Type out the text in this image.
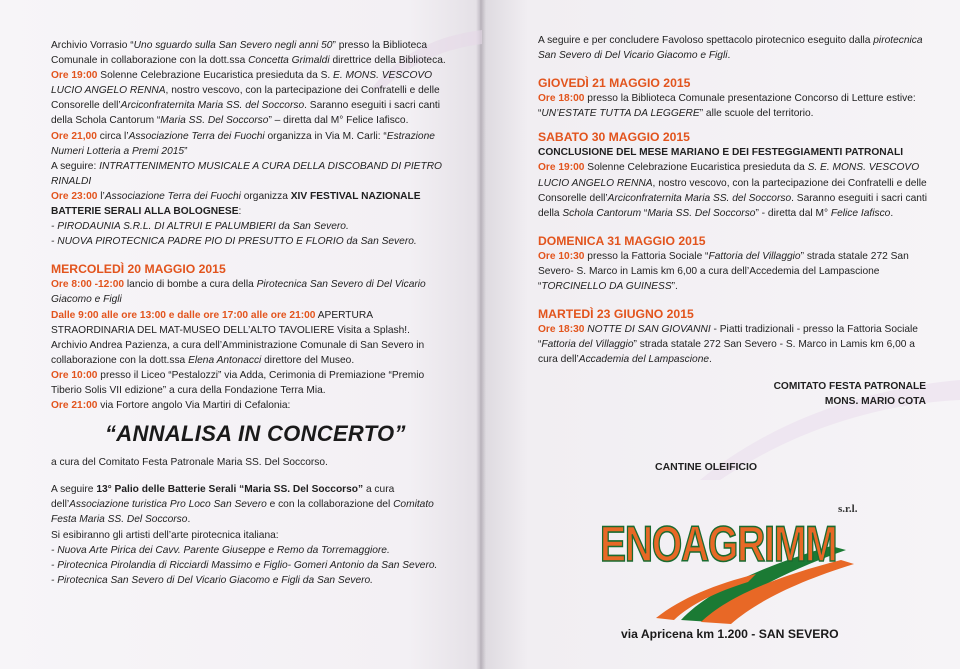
Archivio Vorrasio “Uno sguardo sulla San Severo negli anni 50” presso la Biblioteca Comunale in collaborazione con la dott.ssa Concetta Grimaldi direttrice della Biblioteca.

Ore 19:00 Solenne Celebrazione Eucaristica presieduta da S. E. MONS. VESCOVO LUCIO ANGELO RENNA, nostro vescovo, con la partecipazione dei Confratelli e delle Consorelle dell’Arciconfraternita Maria SS. del Soccorso. Saranno eseguiti i sacri canti della Schola Cantorum “Maria SS. Del Soccorso” – diretta dal M° Felice Iafisco.

Ore 21,00 circa l’Associazione Terra dei Fuochi organizza in Via M. Carli: “Estrazione Numeri Lotteria a Premi 2015”

A seguire: INTRATTENIMENTO MUSICALE A CURA DELLA DISCOBAND DI PIETRO RINALDI

Ore 23:00 l’Associazione Terra dei Fuochi organizza XIV FESTIVAL NAZIONALE BATTERIE SERALI ALLA BOLOGNESE:

- PIRODAUNIA S.R.L. DI ALTRUI E PALUMBIERI da San Severo.

- NUOVA PIROTECNICA PADRE PIO DI PRESUTTO E FLORIO da San Severo.

MERCOLEDÌ 20 MAGGIO 2015

Ore 8:00 -12:00 lancio di bombe a cura della Pirotecnica San Severo di Del Vicario Giacomo e Figli

Dalle 9:00 alle ore 13:00 e dalle ore 17:00 alle ore 21:00 APERTURA STRAORDINARIA DEL MAT-MUSEO DELL’ALTO TAVOLIERE Visita a Splash!. Archivio Andrea Pazienza, a cura dell’Amministrazione Comunale di San Severo in collaborazione con la dott.ssa Elena Antonacci direttore del Museo.

Ore 10:00 presso il Liceo “Pestalozzi” via Adda, Cerimonia di Premiazione “Premio Tiberio Solis VII edizione” a cura della Fondazione Terra Mia.

Ore 21:00 via Fortore angolo Via Martiri di Cefalonia:

“ANNALISA IN CONCERTO”

a cura del Comitato Festa Patronale Maria SS. Del Soccorso.

A seguire 13° Palio delle Batterie Serali “Maria SS. Del Soccorso” a cura dell’Associazione turistica Pro Loco San Severo e con la collaborazione del Comitato Festa Maria SS. Del Soccorso.

Si esibiranno gli artisti dell’arte pirotecnica italiana:

- Nuova Arte Pirica dei Cavv. Parente Giuseppe e Remo da Torremaggiore.

- Pirotecnica Pirolandia di Ricciardi Massimo e Figlio- Gomeri Antonio da San Severo.

- Pirotecnica San Severo di Del Vicario Giacomo e Figli da San Severo.

A seguire e per concludere Favoloso spettacolo pirotecnico eseguito dalla pirotecnica San Severo di Del Vicario Giacomo e Figli.

GIOVEDÌ 21 MAGGIO 2015

Ore 18:00 presso la Biblioteca Comunale presentazione Concorso di Letture estive: “UN’ESTATE TUTTA DA LEGGERE” alle scuole del territorio.

SABATO 30 MAGGIO 2015

CONCLUSIONE DEL MESE MARIANO E DEI FESTEGGIAMENTI PATRONALI

Ore 19:00 Solenne Celebrazione Eucaristica presieduta da S. E. MONS. VESCOVO LUCIO ANGELO RENNA, nostro vescovo, con la partecipazione dei Confratelli e delle Consorelle dell’Arciconfraternita Maria SS. del Soccorso. Saranno eseguiti i sacri canti della Schola Cantorum “Maria SS. Del Soccorso” - diretta dal M° Felice Iafisco.

DOMENICA 31 MAGGIO 2015

Ore 10:30 presso la Fattoria Sociale “Fattoria del Villaggio” strada statale 272 San Severo- S. Marco in Lamis km 6,00 a cura dell’Accedemia del Lampascione “TORCINELLO DA GUINESS”.

MARTEDÌ 23 GIUGNO 2015

Ore 18:30 NOTTE DI SAN GIOVANNI - Piatti tradizionali - presso la Fattoria Sociale “Fattoria del Villaggio” strada statale 272 San Severo - S. Marco in Lamis km 6,00 a cura dell’Accademia del Lampascione.

COMITATO FESTA PATRONALE

MONS. MARIO COTA

CANTINE OLEIFICIO
s.r.l.
ENOAGRIMM
via Apricena km 1.200 - SAN SEVERO
